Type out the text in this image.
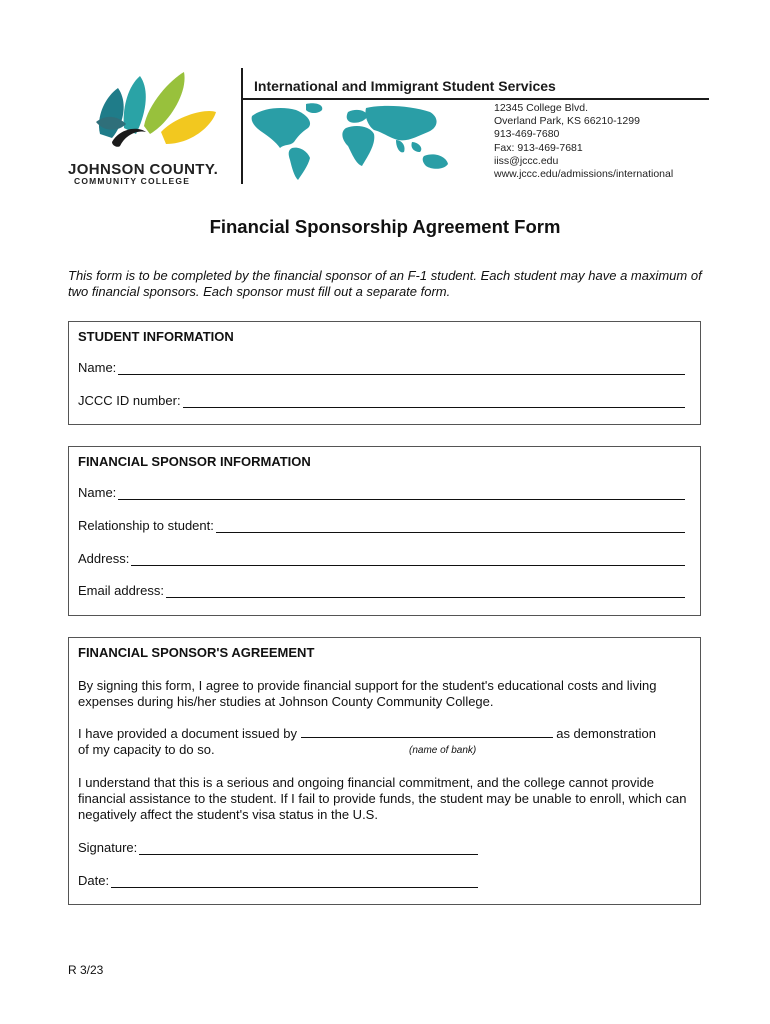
JOHNSON COUNTY.
COMMUNITY COLLEGE
International and Immigrant Student Services
12345 College Blvd.
Overland Park, KS 66210-1299
913-469-7680
Fax: 913-469-7681
iiss@jccc.edu
www.jccc.edu/admissions/international
Financial Sponsorship Agreement Form
This form is to be completed by the financial sponsor of an F-1 student. Each student may have a maximum of two financial sponsors. Each sponsor must fill out a separate form.
STUDENT INFORMATION
Name:
JCCC ID number:
FINANCIAL SPONSOR INFORMATION
Name:
Relationship to student:
Address:
Email address:
FINANCIAL SPONSOR'S AGREEMENT
By signing this form, I agree to provide financial support for the student's educational costs and living expenses during his/her studies at Johnson County Community College.
I have provided a document issued by	as demonstration
of my capacity to do so.	(name of bank)
I understand that this is a serious and ongoing financial commitment, and the college cannot provide financial assistance to the student. If I fail to provide funds, the student may be unable to enroll, which can negatively affect the student's visa status in the U.S.
Signature:
Date:
R 3/23
